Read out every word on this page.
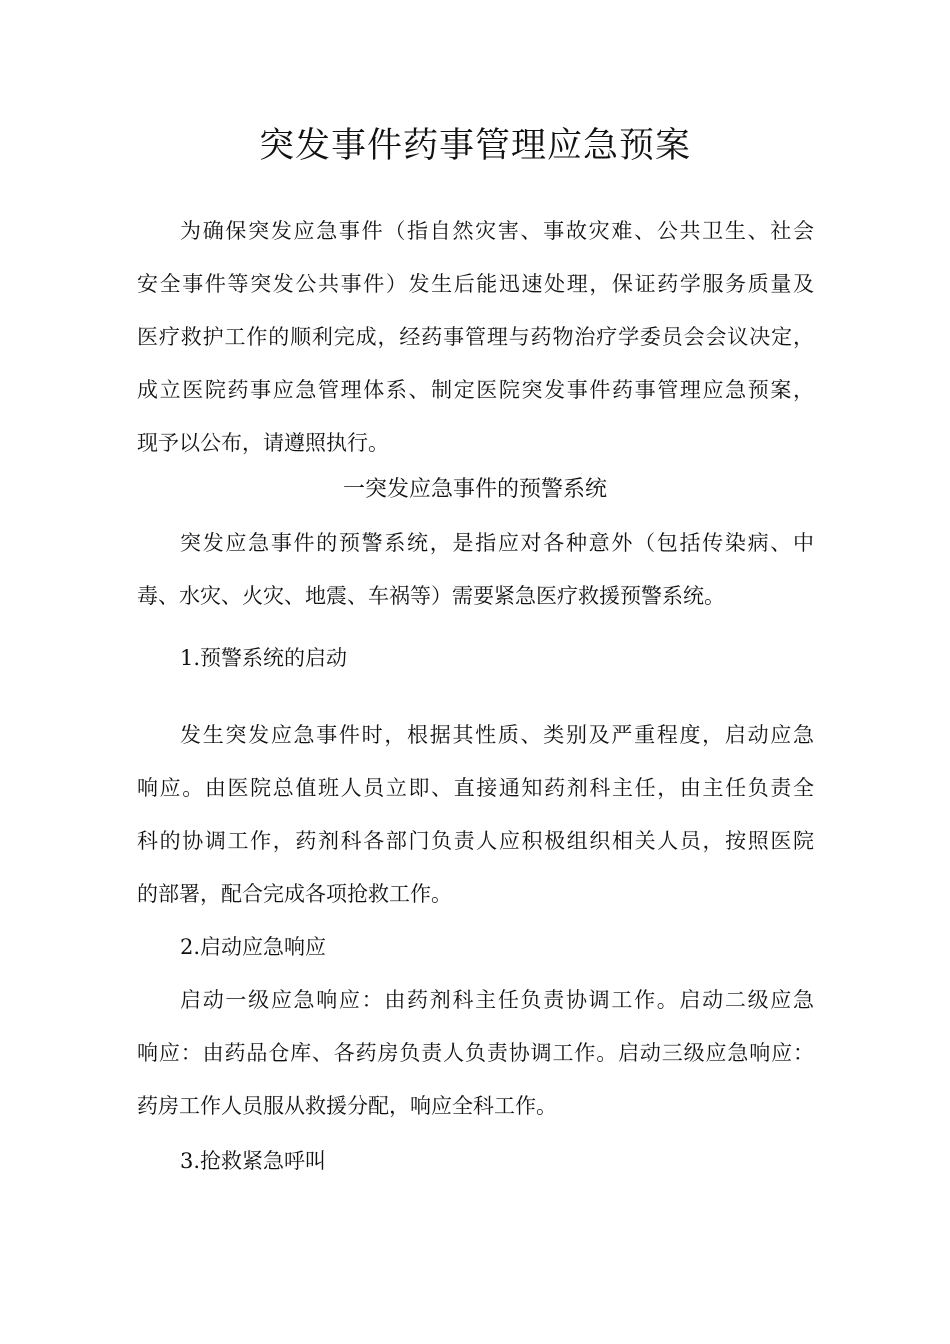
突发事件药事管理应急预案
为确保突发应急事件（指自然灾害、事故灾难、公共卫生、社会
安全事件等突发公共事件）发生后能迅速处理，保证药学服务质量及
医疗救护工作的顺利完成，经药事管理与药物治疗学委员会会议决定，
成立医院药事应急管理体系、制定医院突发事件药事管理应急预案，
现予以公布，请遵照执行。
一突发应急事件的预警系统
突发应急事件的预警系统，是指应对各种意外（包括传染病、中
毒、水灾、火灾、地震、车祸等）需要紧急医疗救援预警系统。
1.预警系统的启动
发生突发应急事件时，根据其性质、类别及严重程度，启动应急
响应。由医院总值班人员立即、直接通知药剂科主任，由主任负责全
科的协调工作，药剂科各部门负责人应积极组织相关人员，按照医院
的部署，配合完成各项抢救工作。
2.启动应急响应
启动一级应急响应：由药剂科主任负责协调工作。启动二级应急
响应：由药品仓库、各药房负责人负责协调工作。启动三级应急响应：
药房工作人员服从救援分配，响应全科工作。
3.抢救紧急呼叫
